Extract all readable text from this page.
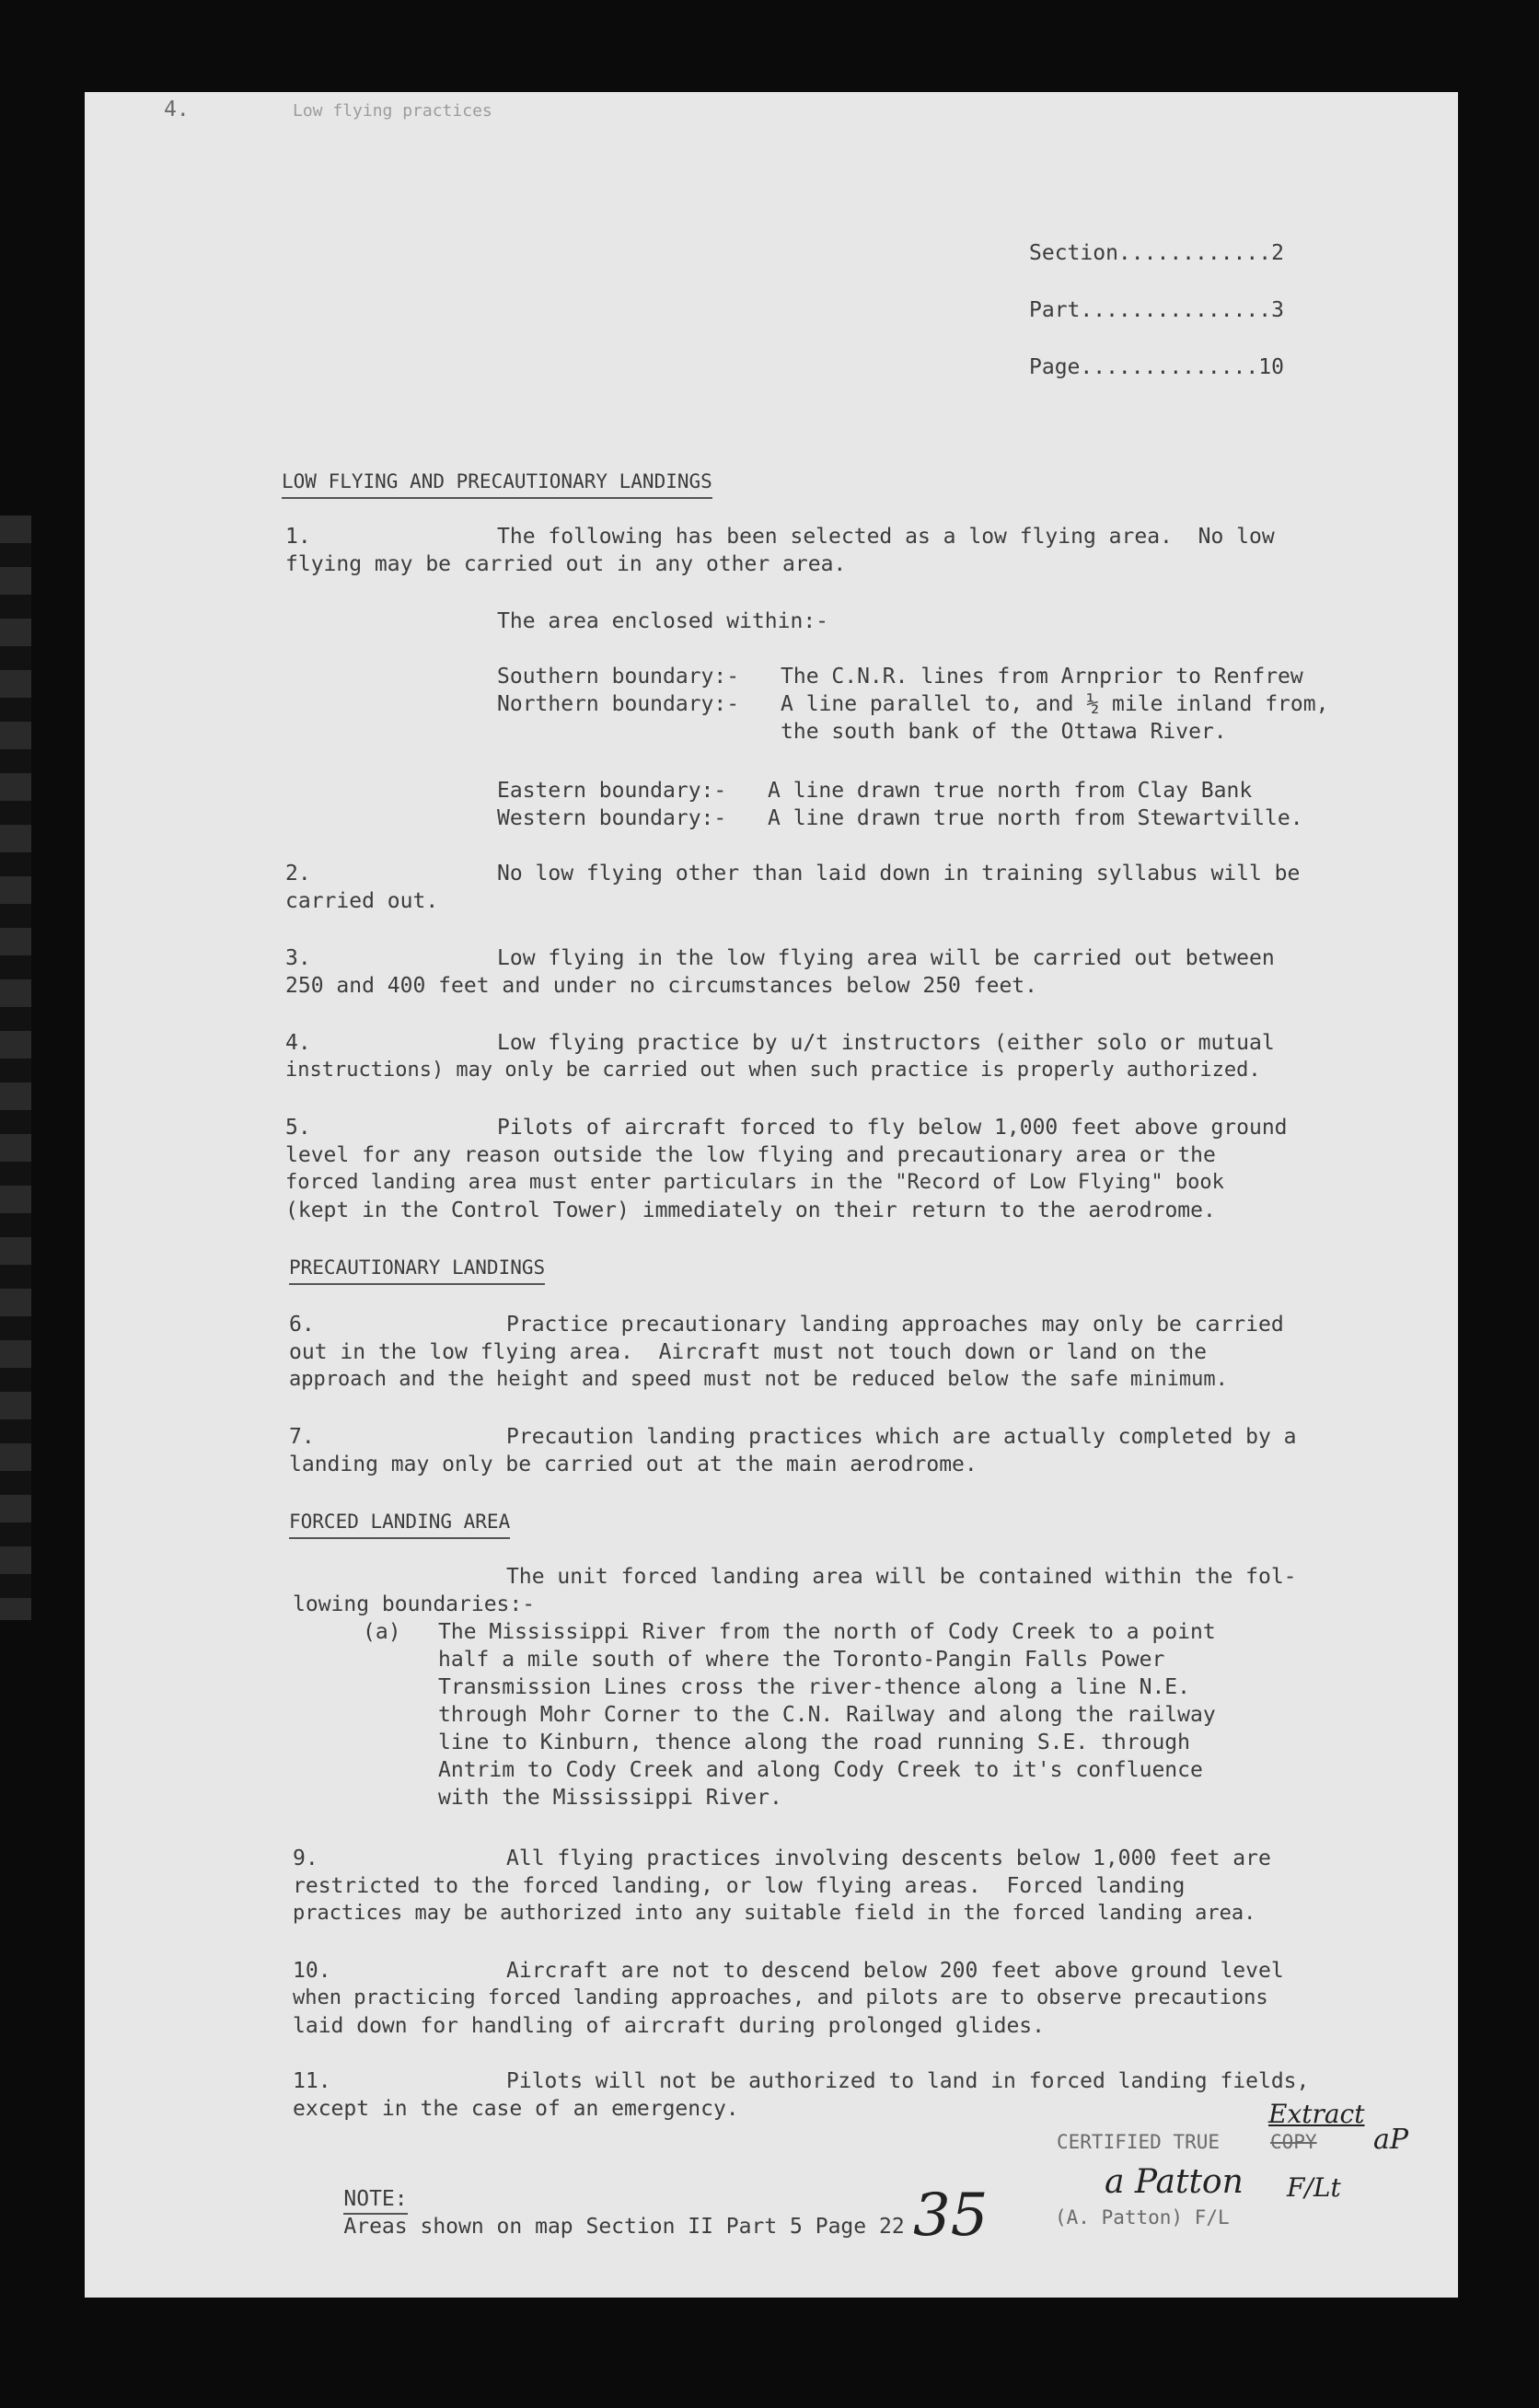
4.	Low flying practices
Section............2
Part...............3
Page..............10
LOW FLYING AND PRECAUTIONARY LANDINGS
1.	The following has been selected as a low flying area.  No low
flying may be carried out in any other area.
The area enclosed within:-
Southern boundary:- The C.N.R. lines from Arnprior to Renfrew
Northern boundary:- A line parallel to, and ½ mile inland from,
the south bank of the Ottawa River.
Eastern boundary:- A line drawn true north from Clay Bank
Western boundary:- A line drawn true north from Stewartville.
2.	No low flying other than laid down in training syllabus will be
carried out.
3.	Low flying in the low flying area will be carried out between
250 and 400 feet and under no circumstances below 250 feet.
4.	Low flying practice by u/t instructors (either solo or mutual
instructions) may only be carried out when such practice is properly authorized.
5.	Pilots of aircraft forced to fly below 1,000 feet above ground
level for any reason outside the low flying and precautionary area or the
forced landing area must enter particulars in the "Record of Low Flying" book
(kept in the Control Tower) immediately on their return to the aerodrome.
PRECAUTIONARY LANDINGS
6.	Practice precautionary landing approaches may only be carried
out in the low flying area.  Aircraft must not touch down or land on the
approach and the height and speed must not be reduced below the safe minimum.
7.	Precaution landing practices which are actually completed by a
landing may only be carried out at the main aerodrome.
FORCED LANDING AREA
The unit forced landing area will be contained within the fol-
lowing boundaries:-
(a) The Mississippi River from the north of Cody Creek to a point
half a mile south of where the Toronto-Pangin Falls Power
Transmission Lines cross the river-thence along a line N.E.
through Mohr Corner to the C.N. Railway and along the railway
line to Kinburn, thence along the road running S.E. through
Antrim to Cody Creek and along Cody Creek to it's confluence
with the Mississippi River.
9.	All flying practices involving descents below 1,000 feet are
restricted to the forced landing, or low flying areas.  Forced landing
practices may be authorized into any suitable field in the forced landing area.
10.	Aircraft are not to descend below 200 feet above ground level
when practicing forced landing approaches, and pilots are to observe precautions
laid down for handling of aircraft during prolonged glides.
11.	Pilots will not be authorized to land in forced landing fields,
except in the case of an emergency.
CERTIFIED TRUE	COPY
Extract
aP

NOTE:
Areas shown on map Section II Part 5 Page 22

a Patton F/Lt
(A. Patton) F/L
35
